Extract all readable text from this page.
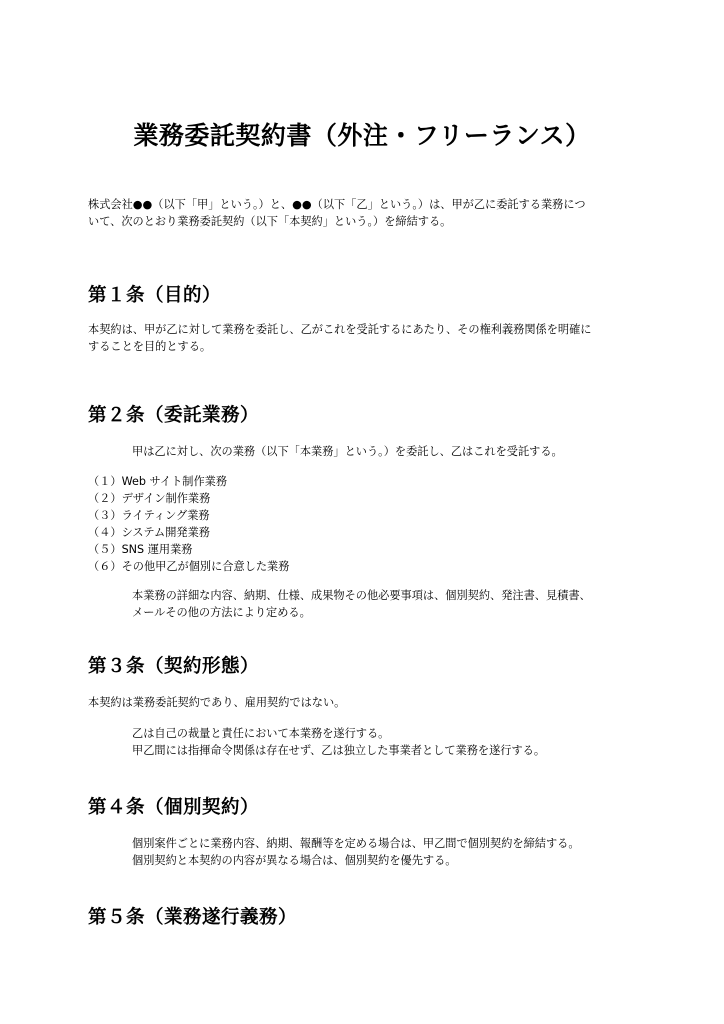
業務委託契約書（外注・フリーランス）

株式会社●●（以下「甲」という。）と、●●（以下「乙」という。）は、甲が乙に委託する業務につ
いて、次のとおり業務委託契約（以下「本契約」という。）を締結する。

第１条（目的）

本契約は、甲が乙に対して業務を委託し、乙がこれを受託するにあたり、その権利義務関係を明確に
することを目的とする。

第２条（委託業務）

甲は乙に対し、次の業務（以下「本業務」という。）を委託し、乙はこれを受託する。

（１）Web サイト制作業務
（２）デザイン制作業務
（３）ライティング業務
（４）システム開発業務
（５）SNS 運用業務
（６）その他甲乙が個別に合意した業務

本業務の詳細な内容、納期、仕様、成果物その他必要事項は、個別契約、発注書、見積書、
メールその他の方法により定める。

第３条（契約形態）

本契約は業務委託契約であり、雇用契約ではない。

乙は自己の裁量と責任において本業務を遂行する。
甲乙間には指揮命令関係は存在せず、乙は独立した事業者として業務を遂行する。

第４条（個別契約）

個別案件ごとに業務内容、納期、報酬等を定める場合は、甲乙間で個別契約を締結する。
個別契約と本契約の内容が異なる場合は、個別契約を優先する。

第５条（業務遂行義務）
